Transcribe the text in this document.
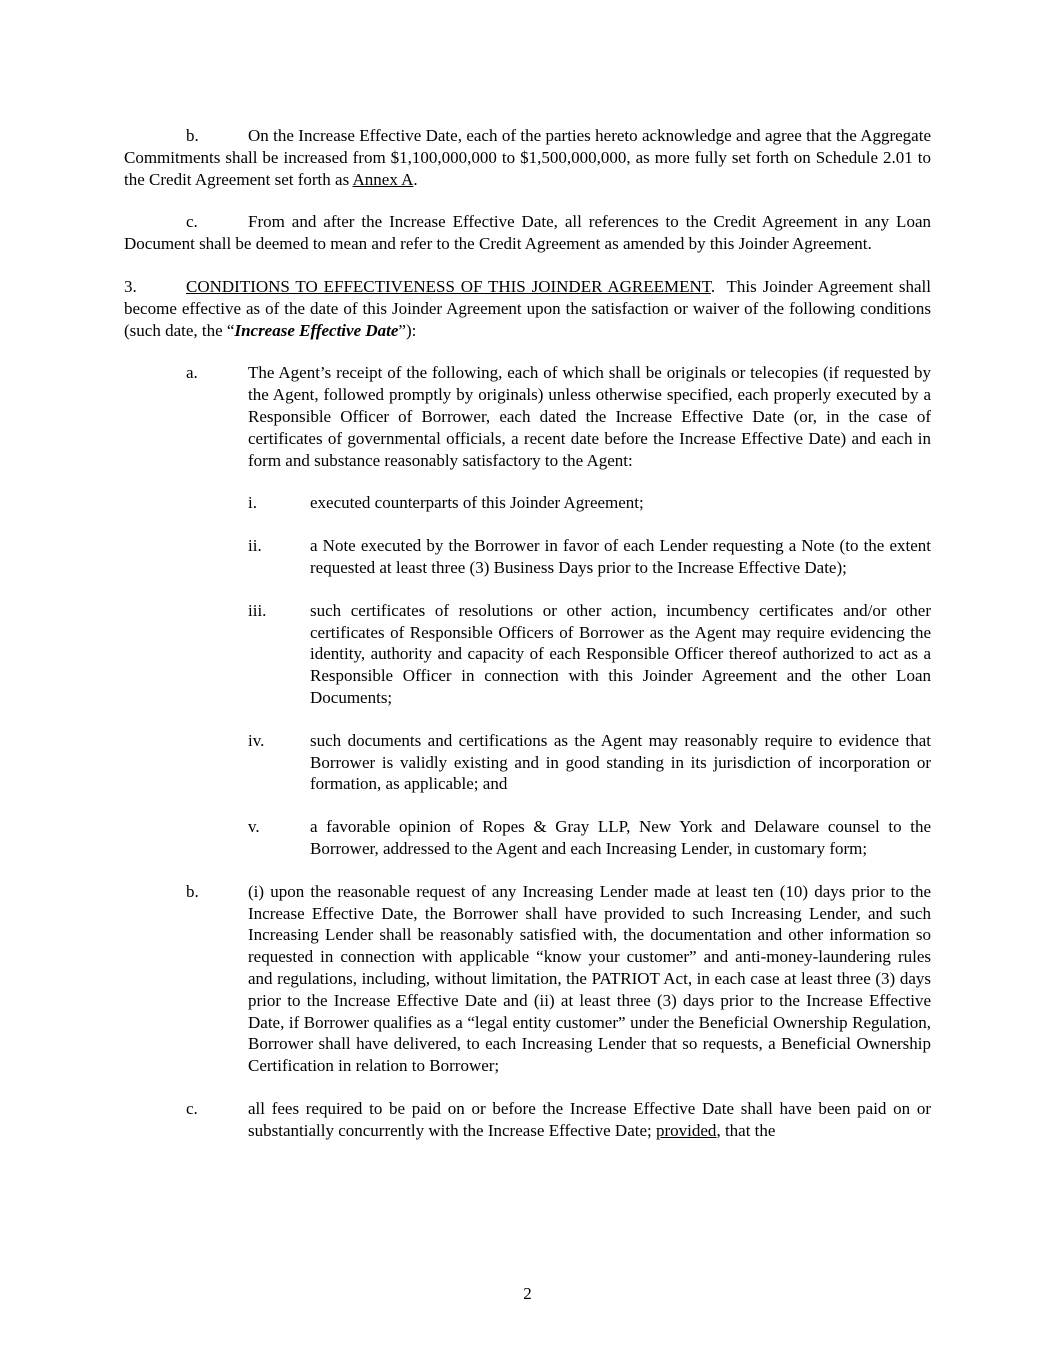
b.	On the Increase Effective Date, each of the parties hereto acknowledge and agree that the Aggregate Commitments shall be increased from $1,100,000,000 to $1,500,000,000, as more fully set forth on Schedule 2.01 to the Credit Agreement set forth as Annex A.

c.	From and after the Increase Effective Date, all references to the Credit Agreement in any Loan Document shall be deemed to mean and refer to the Credit Agreement as amended by this Joinder Agreement.

3.	CONDITIONS TO EFFECTIVENESS OF THIS JOINDER AGREEMENT. This Joinder Agreement shall become effective as of the date of this Joinder Agreement upon the satisfaction or waiver of the following conditions (such date, the “Increase Effective Date”):

a.	The Agent’s receipt of the following, each of which shall be originals or telecopies (if requested by the Agent, followed promptly by originals) unless otherwise specified, each properly executed by a Responsible Officer of Borrower, each dated the Increase Effective Date (or, in the case of certificates of governmental officials, a recent date before the Increase Effective Date) and each in form and substance reasonably satisfactory to the Agent:
i.	executed counterparts of this Joinder Agreement;
ii.	a Note executed by the Borrower in favor of each Lender requesting a Note (to the extent requested at least three (3) Business Days prior to the Increase Effective Date);
iii.	such certificates of resolutions or other action, incumbency certificates and/or other certificates of Responsible Officers of Borrower as the Agent may require evidencing the identity, authority and capacity of each Responsible Officer thereof authorized to act as a Responsible Officer in connection with this Joinder Agreement and the other Loan Documents;
iv.	such documents and certifications as the Agent may reasonably require to evidence that Borrower is validly existing and in good standing in its jurisdiction of incorporation or formation, as applicable; and
v.	a favorable opinion of Ropes & Gray LLP, New York and Delaware counsel to the Borrower, addressed to the Agent and each Increasing Lender, in customary form;
b.	(i) upon the reasonable request of any Increasing Lender made at least ten (10) days prior to the Increase Effective Date, the Borrower shall have provided to such Increasing Lender, and such Increasing Lender shall be reasonably satisfied with, the documentation and other information so requested in connection with applicable “know your customer” and anti-money-laundering rules and regulations, including, without limitation, the PATRIOT Act, in each case at least three (3) days prior to the Increase Effective Date and (ii) at least three (3) days prior to the Increase Effective Date, if Borrower qualifies as a “legal entity customer” under the Beneficial Ownership Regulation, Borrower shall have delivered, to each Increasing Lender that so requests, a Beneficial Ownership Certification in relation to Borrower;
c.	all fees required to be paid on or before the Increase Effective Date shall have been paid on or substantially concurrently with the Increase Effective Date; provided, that the
2
